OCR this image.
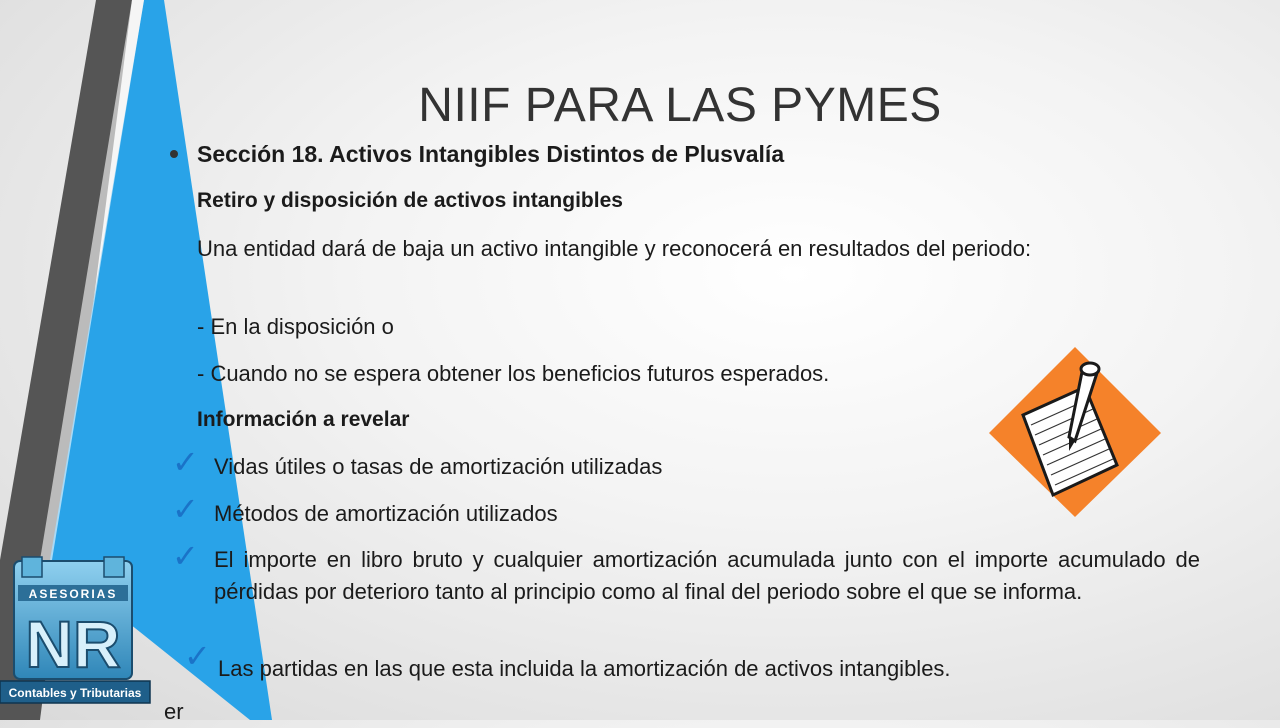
NIIF PARA LAS PYMES
Sección 18. Activos Intangibles Distintos de Plusvalía
Retiro y disposición de activos intangibles
Una entidad dará de baja un activo intangible y reconocerá en resultados del periodo:
- En la disposición o
- Cuando no se espera obtener los beneficios futuros esperados.
Información a revelar
✓ Vidas útiles o tasas de amortización utilizadas
✓ Métodos de amortización utilizados
✓ El importe en libro bruto y cualquier amortización acumulada junto con el importe acumulado de pérdidas por deterioro tanto al principio como al final del periodo sobre el que se informa.
✓ Las partidas en las que esta incluida la amortización de activos intangibles.
er
ASESORIAS
NR
Contables y Tributarias
